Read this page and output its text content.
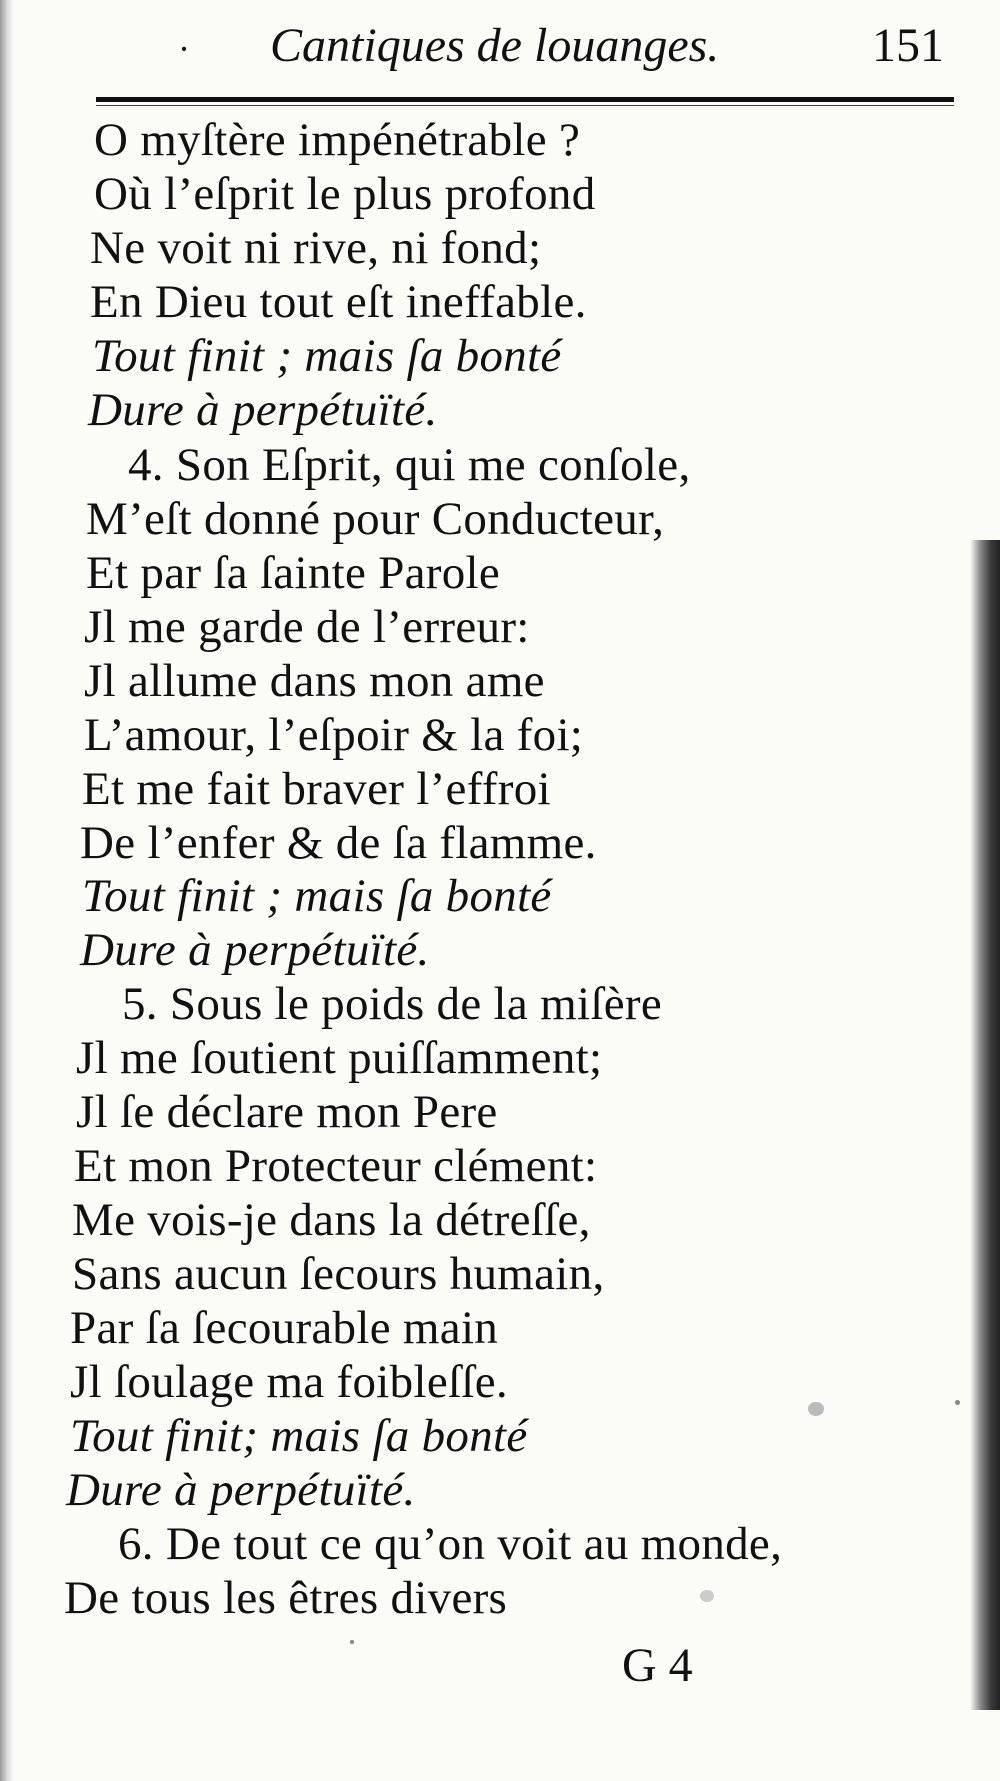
· Cantiques de louanges.	151
O myſtère impénétrable ?
Où l’eſprit le plus profond
Ne voit ni rive, ni fond;
En Dieu tout eſt ineffable.
Tout finit ; mais ſa bonté
Dure à perpétuïté.
4. Son Eſprit, qui me conſole,
M’eſt donné pour Conducteur,
Et par ſa ſainte Parole
Jl me garde de l’erreur:
Jl allume dans mon ame
L’amour, l’eſpoir & la foi;
Et me fait braver l’effroi
De l’enfer & de ſa flamme.
Tout finit ; mais ſa bonté
Dure à perpétuïté.
5. Sous le poids de la miſère
Jl me ſoutient puiſſamment;
Jl ſe déclare mon Pere
Et mon Protecteur clément:
Me vois-je dans la détreſſe,
Sans aucun ſecours humain,
Par ſa ſecourable main
Jl ſoulage ma foibleſſe.
Tout finit; mais ſa bonté
Dure à perpétuïté.
6. De tout ce qu’on voit au monde,
De tous les êtres divers
G 4
